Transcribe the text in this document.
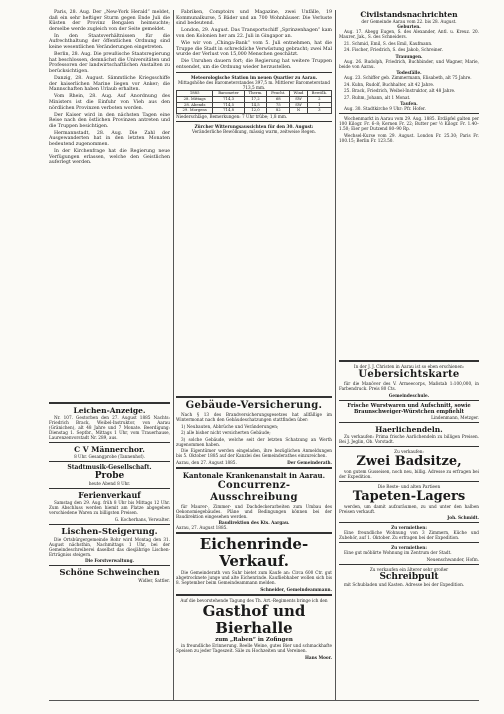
Paris, 28. Aug. Der „New-York Herald“ meldet, daß ein sehr heftiger Sturm gegen Ende Juli die Küsten der Provinz Bengalen heimsuchte; derselbe werde zugleich von der Seite gemeldet.

In den Staatsverhältnissen für die Aufrechthaltung der öffentlichen Ordnung sind keine wesentlichen Veränderungen eingetreten.

Berlin, 28. Aug. Die preußische Staatsregierung hat beschlossen, demnächst die Universitäten und Professoren der landwirtschaftlichen Anstalten zu berücksichtigen.

Danzig, 28. August. Sämmtliche Kriegsschiffe der kaiserlichen Marine liegen vor Anker; die Mannschaften haben Urlaub erhalten.

Vom Rhein, 28. Aug. Auf Anordnung des Ministers ist die Einfuhr von Vieh aus den nördlichen Provinzen verboten worden.

Der Kaiser wird in den nächsten Tagen eine Reise nach den östlichen Provinzen antreten und die Truppen besichtigen.

Hermannstadt, 28. Aug. Die Zahl der Ausgewanderten hat in den letzten Monaten bedeutend zugenommen.

In der Kirchenfrage hat die Regierung neue Verfügungen erlassen, welche den Geistlichen auferlegt werden.

Leichen-Anzeige.

Nr. 107. Gestorben den 27. August 1885 Nachts: Friedrich Brack, Weibel-Instruktor, von Aarau (Gränichen), alt 48 Jahre und 7 Monate. Beerdigung: Dienstag 1. Septbr., Mittags 1 Uhr, vom Trauerhause, Laurenzenvorstadt Nr. 289, aus.

C V Männerchor.
8 Uhr. Gesangprobe (Tannenhof).
Stadtmusik-Gesellschaft.
Probe
heute Abend 8 Uhr.
Ferienverkauf

Samstag den 29. Aug. früh 8 Uhr bis Mittags 12 Uhr. Zum Abschluss werden hiemit am Platze abgegeben verschiedene Waren zu billigsten Preisen.

G. Kocherhans, Verwalter.
Lischen-Steigerung.

Die Ortsbürgergemeinde Rohr wird Montag den 31. August nächsthin, Nachmittags 1 Uhr, bei der Gemeindeschreiberei daselbst das diesjährige Lischen-Erträgniss steigern.

Die Forstverwaltung.
Schöne Schweinchen
Widler, Sattler.

Fabriken, Comptoirs und Magazine, zwei Unfälle, 19 Kommunalkurse, 5 Bäder und an 700 Wohnhäuser. Die Verluste sind bedeutend.

London, 29. August. Das Transportschiff „Sprinzenhagen“ kam von den Kolonien her am 22. Juli in Gingapor an.

Wie wir von „Chinga-Bank“ vom 5. Juli entnehmen, hat die Truppe die Stadt in schreckliche Verwüstung gebracht; zwei Mal wurde der Verlust von 15,000 Menschen geschätzt.

Die Unruhen dauern fort; die Regierung hat weitere Truppen entsendet, um die Ordnung wieder herzustellen.

Meteorologische Station im neuen Quartier zu Aarau.
Mittagshöhe des Barometerstandes 397,5 m. Mittlerer Barometerstand 713,5 mm.
1885	Barometer	Therm.	Feucht.	Wind	Bewölk.
28. Mittags	714,3	17,2	68	SW	2
28. Abends	714,5	14,5	75	SW	1
29. Morgens	714,8	12,0	82	N	3
Niederschläge, Bemerkungen: 7 Uhr trübe; 1,8 mm.
Zürcher Witterungsaussichten für den 30. August:
Veränderliche Bewölkung, mässig warm, zeitweise Regen.
Gebäude-Versicherung.

Nach § 13 des Brandversicherungsgesetzes hat allfällige im Wintermonat nach den Gebäudeschatzungen stattfinden über:

1) Neubauten, Abbrüche und Veränderungen;

2) alle bisher nicht versicherten Gebäude;

3) solche Gebäude, welche seit der letzten Schatzung an Werth zugenommen haben.

Die Eigentümer werden eingeladen, ihre bezüglichen Anmeldungen bis 5. Oktober 1885 auf der Kanzlei des Gemeinderathes einzureichen.

Aarau, den 27. August 1885.	Der Gemeinderath.
Kantonale Krankenanstalt in Aarau.
Concurrenz-Ausschreibung

für Maurer-, Zimmer- und Dachdeckerarbeiten zum Umbau des Oekonomiegebäudes. Pläne und Bedingungen können bei der Baudirektion eingesehen werden.

Baudirektion des Kts. Aargau.
Aarau, 27. August 1885.
Eichenrinde-Verkauf.

Die Gemeinderath von Suhr bietet zum Kaufe an: Circa 600 Ctr. gut abgetrocknete junge und alte Eichenrinde. Kaufliebhaber wollen sich bis 8. September beim Gemeindeammann melden.

Schneider, Gemeindeammann.
Auf die bevorstehende Tagung des Th. Art.-Regiments bringe ich den
Gasthof und Bierhalle
zum „Raben“ in Zofingen

in freundliche Erinnerung. Reelle Weine, gutes Bier und schmackhafte Speisen zu jeder Tageszeit. Säle zu Hochzeiten und Vereinen.

Hans Moor.
Civilstandsnachrichten
der Gemeinde Aarau vom 22. bis 28. August.
Geburten.

Aug. 17. Abegg Eugen, S. des Alexander, Antl. u. Kreuz. 20. Maurer, Jak., S. des Schneiders.

21. Schmid, Emil, S. des Emil, Kaufmann.

24. Fischer, Friedrich, S. des Jakob, Schreiner.

Trauungen.

Aug. 26. Rudolph, Friedrich, Buchbinder, und Wagner, Marie, beide von Aarau.

Todesfälle.

Aug. 23. Schiffer geb. Zimmermann, Elisabeth, alt 75 Jahre.

24. Kuhn, Rudolf, Buchhalter, alt 42 Jahre.

25. Brack, Friedrich, Weibel-Instruktor, alt 48 Jahre.

27. Ruhm, Johann, alt 1 Monat.

Taufen.

Aug. 30. Stadtkirche 9 Uhr: Pfr. Hofer.

Wochenmarkt in Aarau vom 29. Aug. 1885. Erdäpfel galten per 100 Kilogr. Fr. 6–8; Kernen Fr. 22; Butter per ½ Kilogr. Fr. 1.40–1.50; Eier per Dutzend 80–90 Rp.

Wechsel-Kurse vom 29. August. London Fr. 25.30; Paris Fr. 100.15; Berlin Fr. 123.50.

In der J. J. Christen in Aarau ist so eben erschienen:
Uebersichtskarte

für die Manöver des V. Armeecorps, Maßstab 1:100,000, in Farbendruck. Preis 80 Cts.

Gemeindeschule.
Frische Wurstwaren und Aufschnitt, sowie Braunschweiger-Würstchen empfiehlt
Lindenmann, Metzger.
Haerlichendeln.

Zu verkaufen: Prima frische Aarlichendeln zu billigen Preisen. Bei J. Jeglin, Ob. Vorstadt.

Zu verkaufen:
Zwei Badsitze,

von gutem Gusseisen, noch neu, billig. Adresse zu erfragen bei der Expedition.

Die Reste- und alten Partieen
Tapeten-Lagers

werden, um damit aufzuräumen, zu und unter den halben Preisen verkauft.

Joh. Schmidt.
Zu vermiethen:

Eine freundliche Wohnung von 3 Zimmern, Küche und Zubehör, auf 1. Oktober. Zu erfragen bei der Expedition.

Zu vermiethen:

Eine gut möblirte Wohnung im Zentrum der Stadt.

Neuenschwander, Hofm.
Zu verkaufen ein älterer sehr großer
Schreibpult

mit Schubladen und Kasten. Adresse bei der Expedition.
